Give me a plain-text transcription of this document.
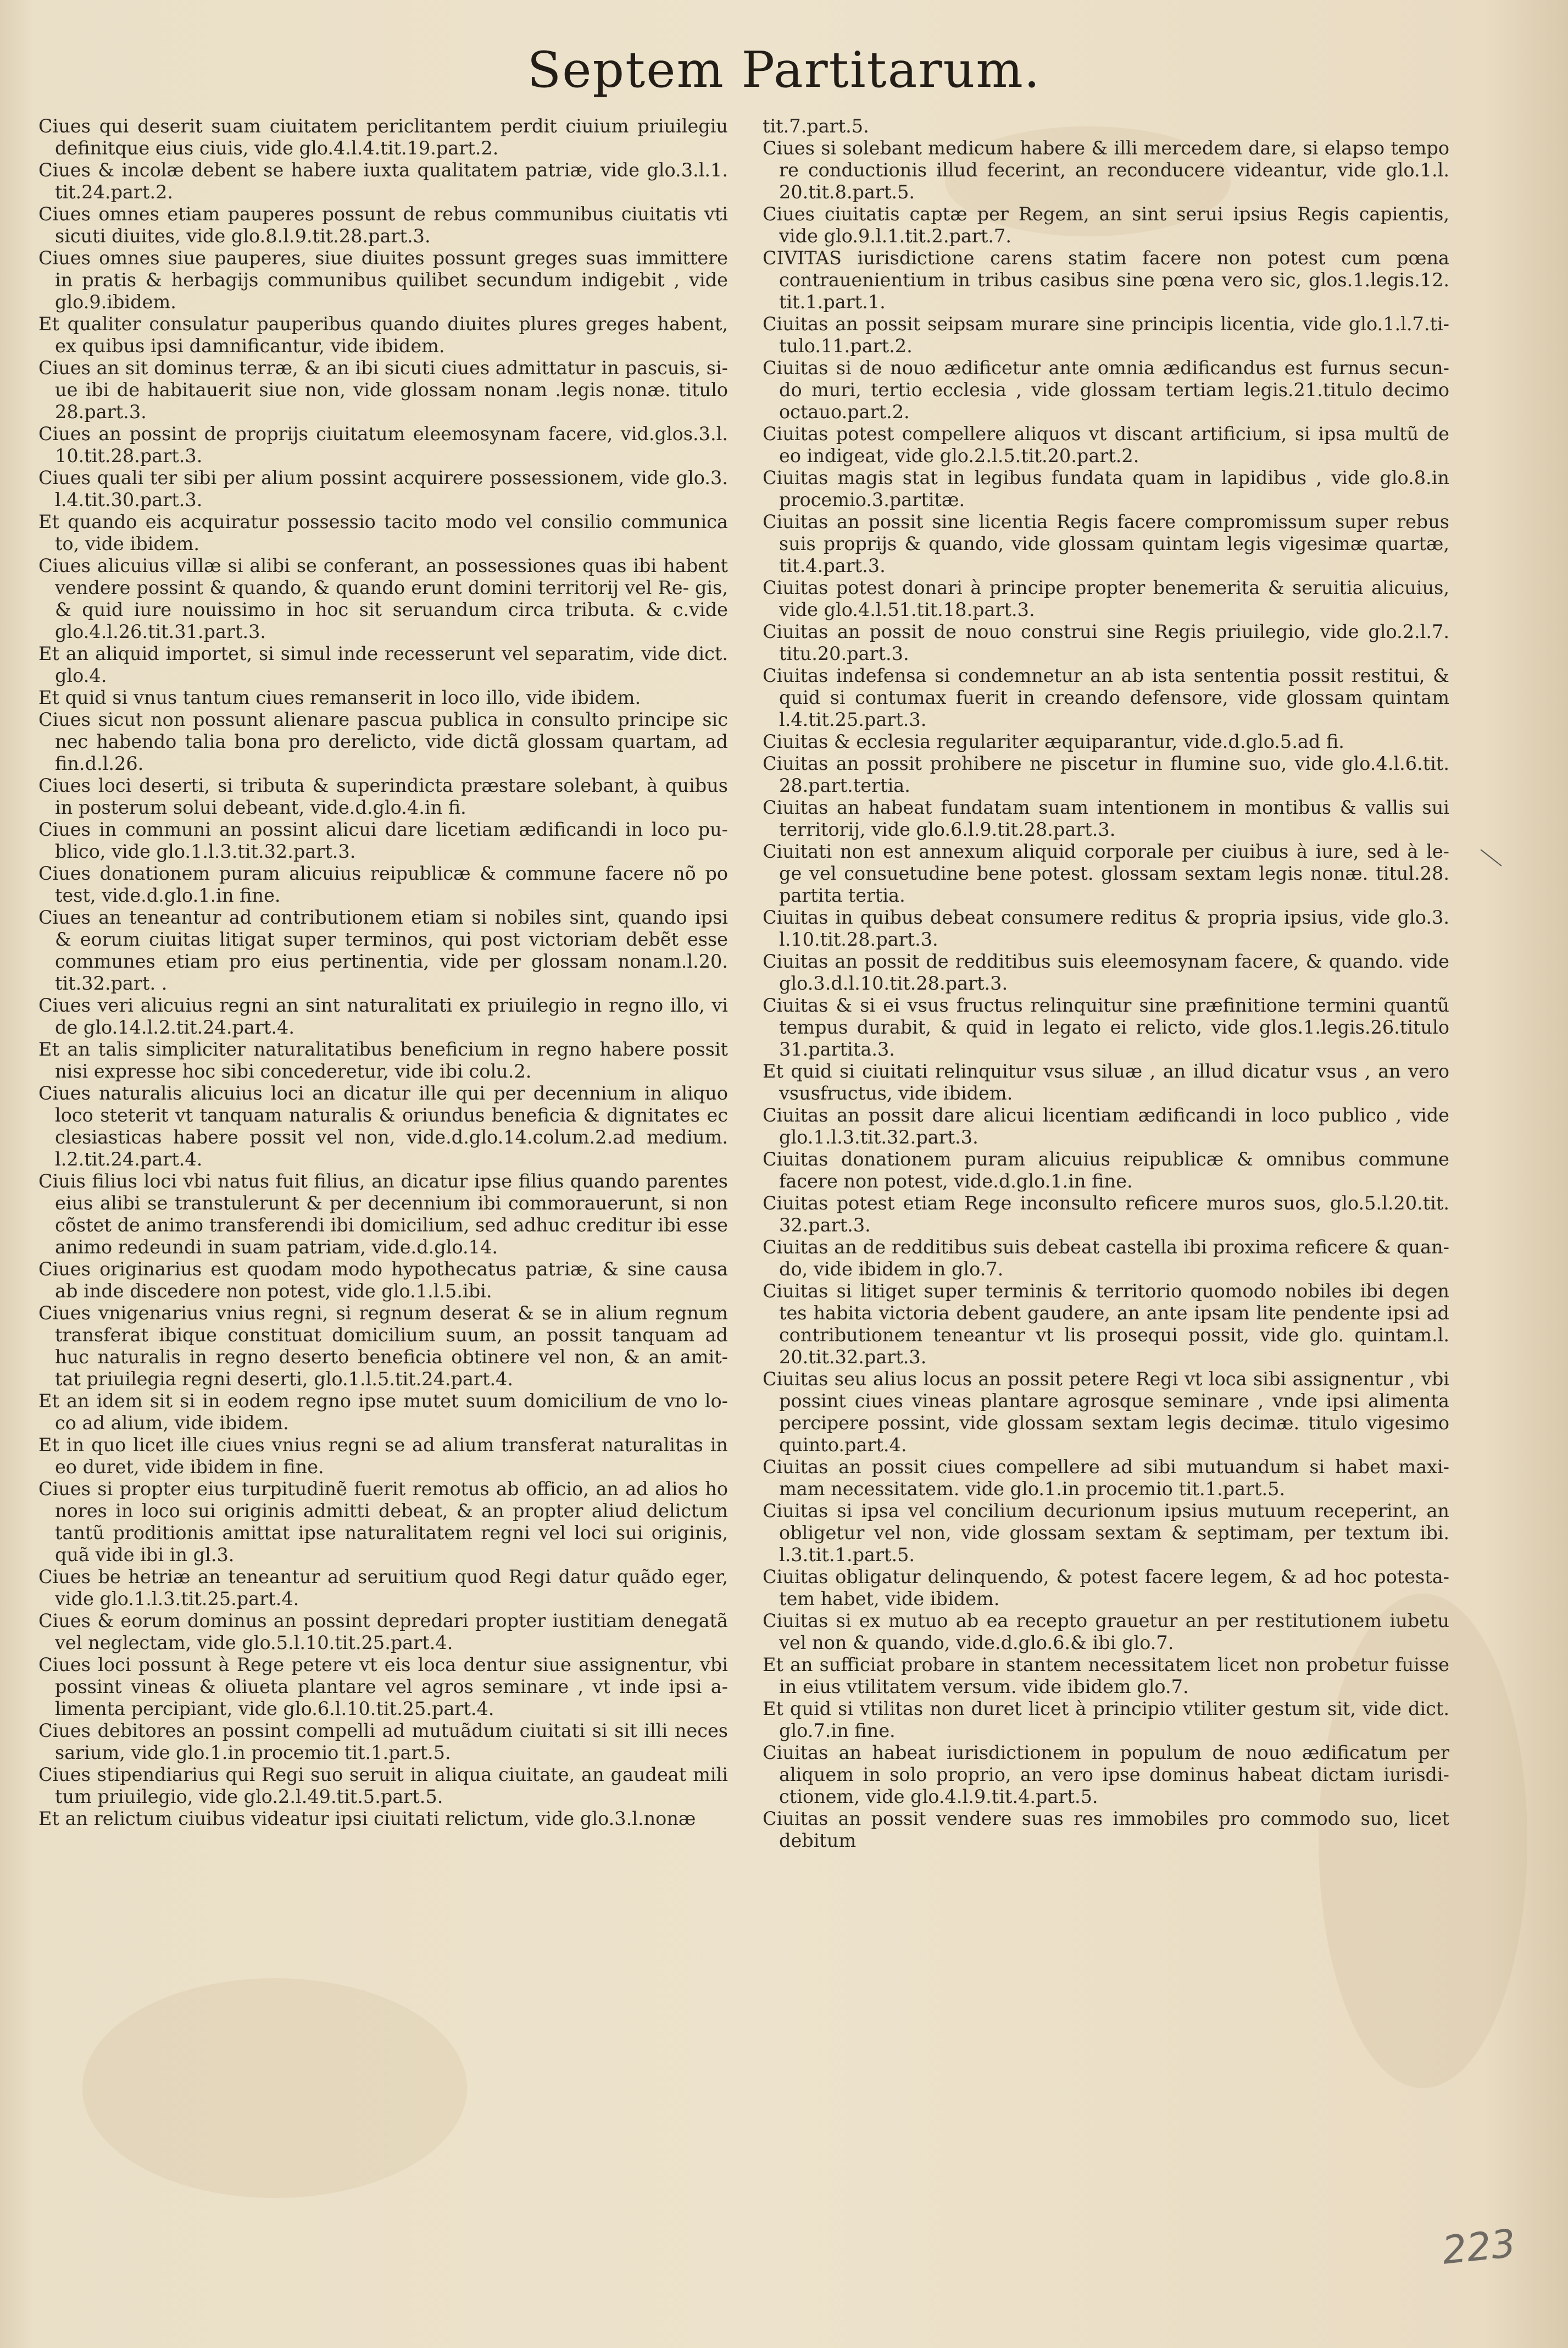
Septem Partitarum.

Ciues qui deserit suam ciuitatem periclitantem perdit ciuium priuilegiu definitque eius ciuis, vide glo.4.l.4.tit.19.part.2.

Ciues & incolæ debent se habere iuxta qualitatem patriæ, vide glo.3.l.1. tit.24.part.2.

Ciues omnes etiam pauperes possunt de rebus communibus ciuitatis vti sicuti diuites, vide glo.8.l.9.tit.28.part.3.

Ciues omnes siue pauperes, siue diuites possunt greges suas immittere in pratis & herbagijs communibus quilibet secundum indigebit , vide glo.9.ibidem.

Et qualiter consulatur pauperibus quando diuites plures greges habent, ex quibus ipsi damnificantur, vide ibidem.

Ciues an sit dominus terræ, & an ibi sicuti ciues admittatur in pascuis, si- ue ibi de habitauerit siue non, vide glossam nonam .legis nonæ. titulo 28.part.3.

Ciues an possint de proprijs ciuitatum eleemosynam facere, vid.glos.3.l. 10.tit.28.part.3.

Ciues quali ter sibi per alium possint acquirere possessionem, vide glo.3. l.4.tit.30.part.3.

Et quando eis acquiratur possessio tacito modo vel consilio communica to, vide ibidem.

Ciues alicuius villæ si alibi se conferant, an possessiones quas ibi habent vendere possint & quando, & quando erunt domini territorij vel Re- gis, & quid iure nouissimo in hoc sit seruandum circa tributa. & c.vide glo.4.l.26.tit.31.part.3.

Et an aliquid importet, si simul inde recesserunt vel separatim, vide dict. glo.4.

Et quid si vnus tantum ciues remanserit in loco illo, vide ibidem.

Ciues sicut non possunt alienare pascua publica in consulto principe sic nec habendo talia bona pro derelicto, vide dictã glossam quartam, ad fin.d.l.26.

Ciues loci deserti, si tributa & superindicta præstare solebant, à quibus in posterum solui debeant, vide.d.glo.4.in fi.

Ciues in communi an possint alicui dare licetiam ædificandi in loco pu- blico, vide glo.1.l.3.tit.32.part.3.

Ciues donationem puram alicuius reipublicæ & commune facere nõ po test, vide.d.glo.1.in fine.

Ciues an teneantur ad contributionem etiam si nobiles sint, quando ipsi & eorum ciuitas litigat super terminos, qui post victoriam debẽt esse communes etiam pro eius pertinentia, vide per glossam nonam.l.20. tit.32.part. .

Ciues veri alicuius regni an sint naturalitati ex priuilegio in regno illo, vi de glo.14.l.2.tit.24.part.4.

Et an talis simpliciter naturalitatibus beneficium in regno habere possit nisi expresse hoc sibi concederetur, vide ibi colu.2.

Ciues naturalis alicuius loci an dicatur ille qui per decennium in aliquo loco steterit vt tanquam naturalis & oriundus beneficia & dignitates ec clesiasticas habere possit vel non, vide.d.glo.14.colum.2.ad medium. l.2.tit.24.part.4.

Ciuis filius loci vbi natus fuit filius, an dicatur ipse filius quando parentes eius alibi se transtulerunt & per decennium ibi commorauerunt, si non cõstet de animo transferendi ibi domicilium, sed adhuc creditur ibi esse animo redeundi in suam patriam, vide.d.glo.14.

Ciues originarius est quodam modo hypothecatus patriæ, & sine causa ab inde discedere non potest, vide glo.1.l.5.ibi.

Ciues vnigenarius vnius regni, si regnum deserat & se in alium regnum transferat ibique constituat domicilium suum, an possit tanquam ad huc naturalis in regno deserto beneficia obtinere vel non, & an amit- tat priuilegia regni deserti, glo.1.l.5.tit.24.part.4.

Et an idem sit si in eodem regno ipse mutet suum domicilium de vno lo- co ad alium, vide ibidem.

Et in quo licet ille ciues vnius regni se ad alium transferat naturalitas in eo duret, vide ibidem in fine.

Ciues si propter eius turpitudinẽ fuerit remotus ab officio, an ad alios ho nores in loco sui originis admitti debeat, & an propter aliud delictum tantũ proditionis amittat ipse naturalitatem regni vel loci sui originis, quã vide ibi in gl.3.

Ciues be hetriæ an teneantur ad seruitium quod Regi datur quãdo eger, vide glo.1.l.3.tit.25.part.4.

Ciues & eorum dominus an possint depredari propter iustitiam denegatã vel neglectam, vide glo.5.l.10.tit.25.part.4.

Ciues loci possunt à Rege petere vt eis loca dentur siue assignentur, vbi possint vineas & oliueta plantare vel agros seminare , vt inde ipsi a- limenta percipiant, vide glo.6.l.10.tit.25.part.4.

Ciues debitores an possint compelli ad mutuãdum ciuitati si sit illi neces sarium, vide glo.1.in procemio tit.1.part.5.

Ciues stipendiarius qui Regi suo seruit in aliqua ciuitate, an gaudeat mili tum priuilegio, vide glo.2.l.49.tit.5.part.5.

Et an relictum ciuibus videatur ipsi ciuitati relictum, vide glo.3.l.nonæ

tit.7.part.5.

Ciues si solebant medicum habere & illi mercedem dare, si elapso tempo re conductionis illud fecerint, an reconducere videantur, vide glo.1.l. 20.tit.8.part.5.

Ciues ciuitatis captæ per Regem, an sint serui ipsius Regis capientis, vide glo.9.l.1.tit.2.part.7.

CIVITAS iurisdictione carens statim facere non potest cum pœna contrauenientium in tribus casibus sine pœna vero sic, glos.1.legis.12. tit.1.part.1.

Ciuitas an possit seipsam murare sine principis licentia, vide glo.1.l.7.ti- tulo.11.part.2.

Ciuitas si de nouo ædificetur ante omnia ædificandus est furnus secun- do muri, tertio ecclesia , vide glossam tertiam legis.21.titulo decimo octauo.part.2.

Ciuitas potest compellere aliquos vt discant artificium, si ipsa multũ de eo indigeat, vide glo.2.l.5.tit.20.part.2.

Ciuitas magis stat in legibus fundata quam in lapidibus , vide glo.8.in procemio.3.partitæ.

Ciuitas an possit sine licentia Regis facere compromissum super rebus suis proprijs & quando, vide glossam quintam legis vigesimæ quartæ, tit.4.part.3.

Ciuitas potest donari à principe propter benemerita & seruitia alicuius, vide glo.4.l.51.tit.18.part.3.

Ciuitas an possit de nouo construi sine Regis priuilegio, vide glo.2.l.7. titu.20.part.3.

Ciuitas indefensa si condemnetur an ab ista sententia possit restitui, & quid si contumax fuerit in creando defensore, vide glossam quintam l.4.tit.25.part.3.

Ciuitas & ecclesia regulariter æquiparantur, vide.d.glo.5.ad fi.

Ciuitas an possit prohibere ne piscetur in flumine suo, vide glo.4.l.6.tit. 28.part.tertia.

Ciuitas an habeat fundatam suam intentionem in montibus & vallis sui territorij, vide glo.6.l.9.tit.28.part.3.

Ciuitati non est annexum aliquid corporale per ciuibus à iure, sed à le- ge vel consuetudine bene potest. glossam sextam legis nonæ. titul.28. partita tertia.

Ciuitas in quibus debeat consumere reditus & propria ipsius, vide glo.3. l.10.tit.28.part.3.

Ciuitas an possit de redditibus suis eleemosynam facere, & quando. vide glo.3.d.l.10.tit.28.part.3.

Ciuitas & si ei vsus fructus relinquitur sine præfinitione termini quantũ tempus durabit, & quid in legato ei relicto, vide glos.1.legis.26.titulo 31.partita.3.

Et quid si ciuitati relinquitur vsus siluæ , an illud dicatur vsus , an vero vsusfructus, vide ibidem.

Ciuitas an possit dare alicui licentiam ædificandi in loco publico , vide glo.1.l.3.tit.32.part.3.

Ciuitas donationem puram alicuius reipublicæ & omnibus commune facere non potest, vide.d.glo.1.in fine.

Ciuitas potest etiam Rege inconsulto reficere muros suos, glo.5.l.20.tit. 32.part.3.

Ciuitas an de redditibus suis debeat castella ibi proxima reficere & quan- do, vide ibidem in glo.7.

Ciuitas si litiget super terminis & territorio quomodo nobiles ibi degen tes habita victoria debent gaudere, an ante ipsam lite pendente ipsi ad contributionem teneantur vt lis prosequi possit, vide glo. quintam.l. 20.tit.32.part.3.

Ciuitas seu alius locus an possit petere Regi vt loca sibi assignentur , vbi possint ciues vineas plantare agrosque seminare , vnde ipsi alimenta percipere possint, vide glossam sextam legis decimæ. titulo vigesimo quinto.part.4.

Ciuitas an possit ciues compellere ad sibi mutuandum si habet maxi- mam necessitatem. vide glo.1.in procemio tit.1.part.5.

Ciuitas si ipsa vel concilium decurionum ipsius mutuum receperint, an obligetur vel non, vide glossam sextam & septimam, per textum ibi. l.3.tit.1.part.5.

Ciuitas obligatur delinquendo, & potest facere legem, & ad hoc potesta- tem habet, vide ibidem.

Ciuitas si ex mutuo ab ea recepto grauetur an per restitutionem iubetu vel non & quando, vide.d.glo.6.& ibi glo.7.

Et an sufficiat probare in stantem necessitatem licet non probetur fuisse in eius vtilitatem versum. vide ibidem glo.7.

Et quid si vtilitas non duret licet à principio vtiliter gestum sit, vide dict. glo.7.in fine.

Ciuitas an habeat iurisdictionem in populum de nouo ædificatum per aliquem in solo proprio, an vero ipse dominus habeat dictam iurisdi- ctionem, vide glo.4.l.9.tit.4.part.5.

Ciuitas an possit vendere suas res immobiles pro commodo suo, licet debitum

223
